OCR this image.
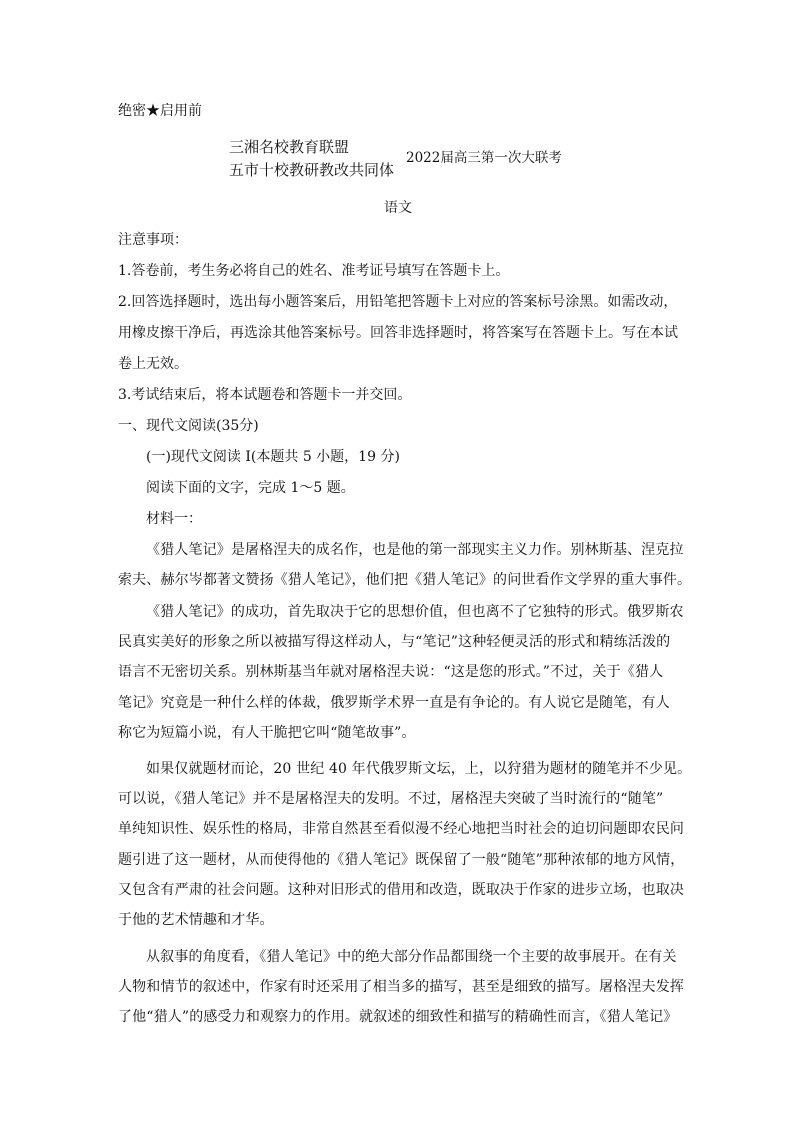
绝密★启用前
三湘名校教育联盟
五市十校教研教改共同体
2022届高三第一次大联考
语文
注意事项：
1.答卷前，考生务必将自己的姓名、准考证号填写在答题卡上。
2.回答选择题时，选出每小题答案后，用铅笔把答题卡上对应的答案标号涂黑。如需改动，
用橡皮擦干净后，再选涂其他答案标号。回答非选择题时，将答案写在答题卡上。写在本试
卷上无效。
3.考试结束后，将本试题卷和答题卡一并交回。
一、现代文阅读(35分)
(一)现代文阅读 I(本题共 5 小题，19 分)
阅读下面的文字，完成 1～5 题。
材料一：
《猎人笔记》是屠格涅夫的成名作，也是他的第一部现实主义力作。别林斯基、涅克拉
索夫、赫尔岑都著文赞扬《猎人笔记》，他们把《猎人笔记》的问世看作文学界的重大事件。
《猎人笔记》的成功，首先取决于它的思想价值，但也离不了它独特的形式。俄罗斯农
民真实美好的形象之所以被描写得这样动人，与“笔记”这种轻便灵活的形式和精练活泼的
语言不无密切关系。别林斯基当年就对屠格涅夫说：“这是您的形式。”不过，关于《猎人
笔记》究竟是一种什么样的体裁，俄罗斯学术界一直是有争论的。有人说它是随笔，有人
称它为短篇小说，有人干脆把它叫“随笔故事”。
如果仅就题材而论，20 世纪 40 年代俄罗斯文坛，上，以狩猎为题材的随笔并不少见。
可以说，《猎人笔记》并不是屠格涅夫的发明。不过，屠格涅夫突破了当时流行的“随笔”
单纯知识性、娱乐性的格局，非常自然甚至看似漫不经心地把当时社会的迫切问题即农民问
题引进了这一题材，从而使得他的《猎人笔记》既保留了一般“随笔”那种浓郁的地方风情，
又包含有严肃的社会问题。这种对旧形式的借用和改造，既取决于作家的进步立场，也取决
于他的艺术情趣和才华。
从叙事的角度看，《猎人笔记》中的绝大部分作品都围绕一个主要的故事展开。在有关
人物和情节的叙述中，作家有时还采用了相当多的描写，甚至是细致的描写。屠格涅夫发挥
了他“猎人”的感受力和观察力的作用。就叙述的细致性和描写的精确性而言，《猎人笔记》
